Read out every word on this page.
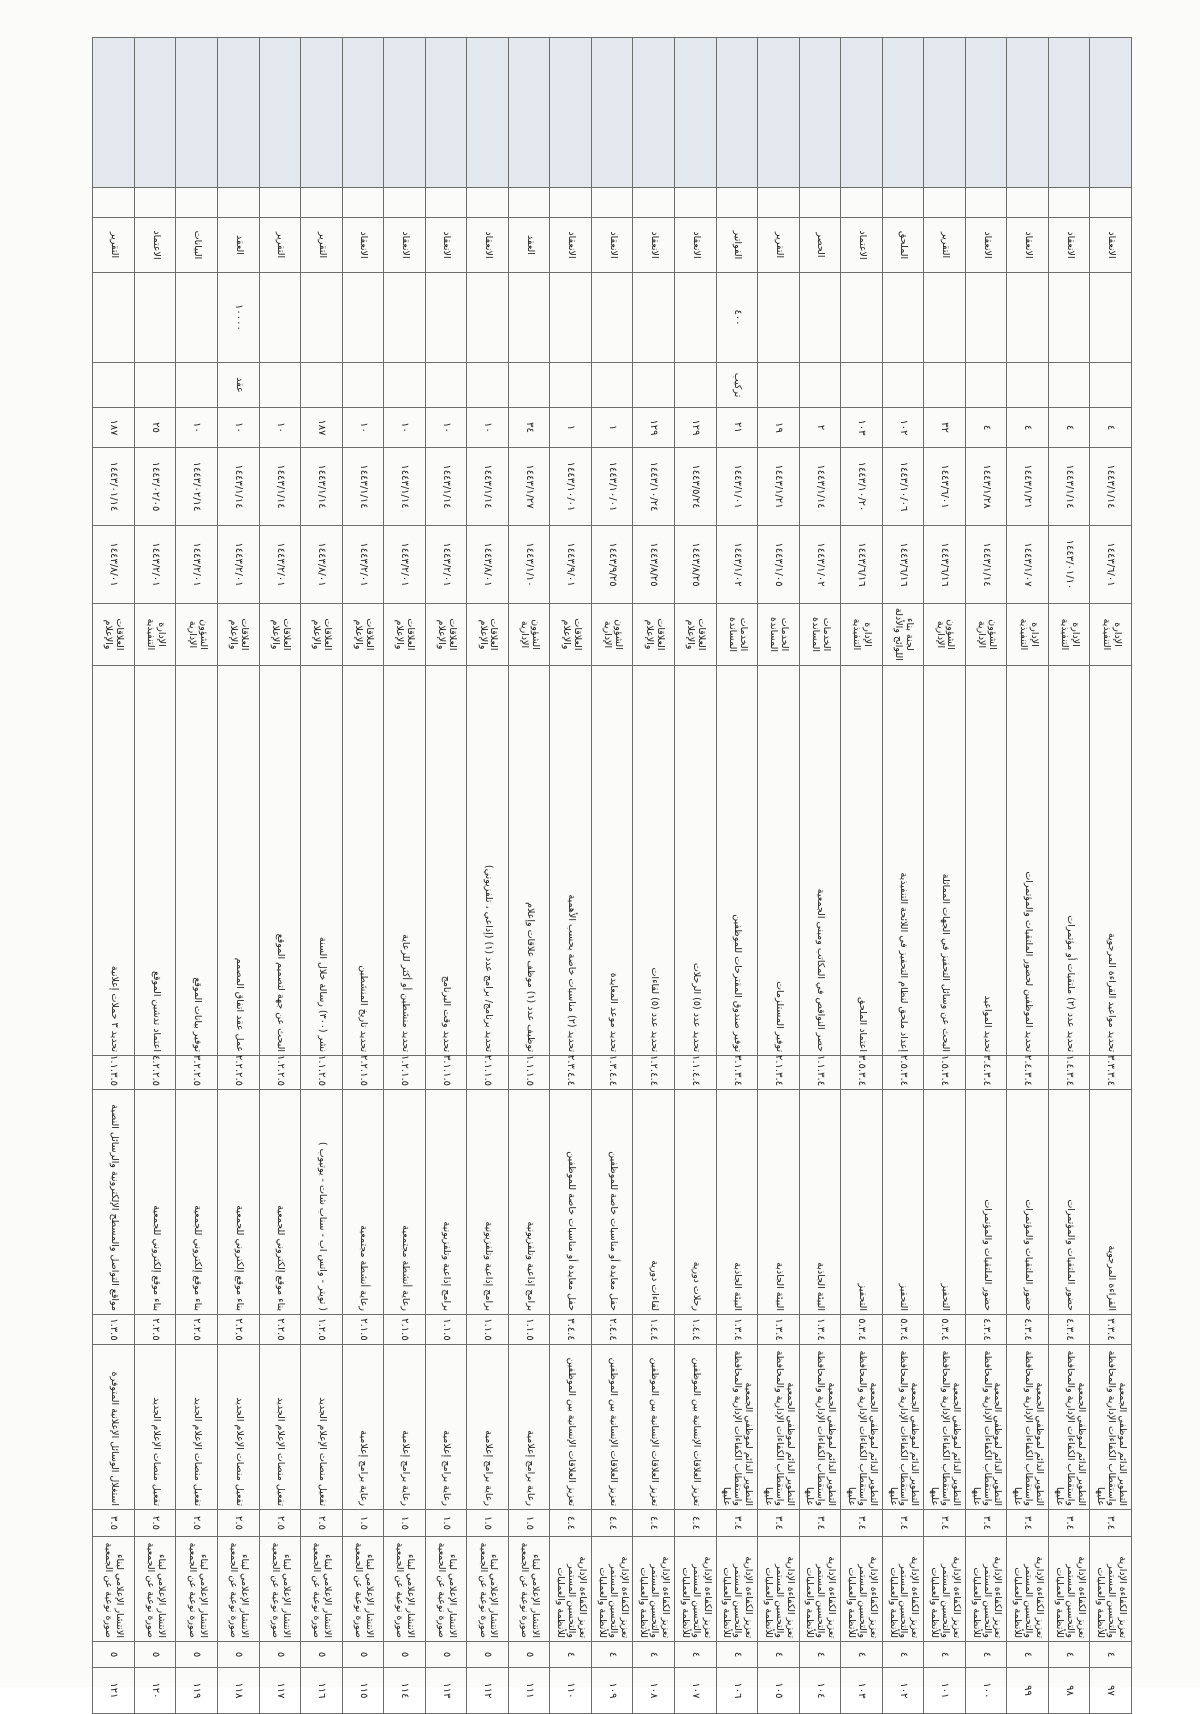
٩٧	٤	تعزيز الكفاءة الإدارية والتحسين المستمر للأنظمة والعمليات	٣.٤	التطوير الدائم لموظفي الجمعية واستقطاب الكفاءات الإدارية والمحافظة عليها	٣.٣.٤	القراءة المرجوية	٣.٣.٣.٤	تحديد مواعيد القراءة المرجوية	الإدارة التنفيذية	١٤٤٣/٦/٠١	١٤٤٣/١/١٤	٤			الانعقاد		
٩٨	٤	تعزيز الكفاءة الإدارية والتحسين المستمر للأنظمة والعمليات	٣.٤	التطوير الدائم لموظفي الجمعية واستقطاب الكفاءات الإدارية والمحافظة عليها	٤.٣.٤	حضور الملتقيات والمؤتمرات	١.٤.٣.٤	تحديد عدد (٢) ملتقيات أو مؤتمرات	الإدارة التنفيذية	١٤٤٣/٠١/١٠	١٤٤٣/١/١٤	٤			الانعقاد		
٩٩	٤	تعزيز الكفاءة الإدارية والتحسين المستمر للأنظمة والعمليات	٣.٤	التطوير الدائم لموظفي الجمعية واستقطاب الكفاءات الإدارية والمحافظة عليها	٤.٣.٤	حضور الملتقيات والمؤتمرات	٢.٤.٣.٤	تحديد الموظفين لحضور الملتقيات والمؤتمرات	الإدارة التنفيذية	١٤٤٣/١/٠٧	١٤٤٣/١/٢١	٤			الانعقاد		
١٠٠	٤	تعزيز الكفاءة الإدارية والتحسين المستمر للأنظمة والعمليات	٣.٤	التطوير الدائم لموظفي الجمعية واستقطاب الكفاءات الإدارية والمحافظة عليها	٤.٣.٤	حضور الملتقيات والمؤتمرات	٣.٤.٣.٤	تحديد المواعيد	الشؤون الإدارية	١٤٤٣/١/١٤	١٤٤٣/١/٢٨	٤			الانعقاد		
١٠١	٤	تعزيز الكفاءة الإدارية والتحسين المستمر للأنظمة والعمليات	٣.٤	التطوير الدائم لموظفي الجمعية واستقطاب الكفاءات الإدارية والمحافظة عليها	٥.٣.٤	التحفيز	١.٥.٣.٤	البحث عن وسائل التحفيز في الجهات المماثلة	الشؤون الإدارية	١٤٤٣/٦/١٦	١٤٤٣/٦/٠١	٣٢			التقرير		
١٠٢	٤	تعزيز الكفاءة الإدارية والتحسين المستمر للأنظمة والعمليات	٣.٤	التطوير الدائم لموظفي الجمعية واستقطاب الكفاءات الإدارية والمحافظة عليها	٥.٣.٤	التحفيز	٢.٥.٣.٤	إعداد ملحق لنظام التحفيز في اللائحة التنفيذية	لجنة بناء اللوائح والأدلة	١٤٤٣/٦/١٦	١٤٤٣/١٠/٠٦	١٠٢			الملحق		
١٠٣	٤	تعزيز الكفاءة الإدارية والتحسين المستمر للأنظمة والعمليات	٣.٤	التطوير الدائم لموظفي الجمعية واستقطاب الكفاءات الإدارية والمحافظة عليها	٥.٣.٤	التحفيز	٣.٥.٣.٤	اعتماد الملحق	الإدارة التنفيذية	١٤٤٣/٦/١٦	١٤٤٣/١٠/٢٠	١٠٣			الاعتماد		
١٠٤	٤	تعزيز الكفاءة الإدارية والتحسين المستمر للأنظمة والعمليات	٣.٤	التطوير الدائم لموظفي الجمعية واستقطاب الكفاءات الإدارية والمحافظة عليها	١.٣.٤	البيئة الجاذبة	١.١.٣.٤	حصر النواقص في المكاتب ومبنى الجمعية	الخدمات المساندة	١٤٤٣/١/٠٢	١٤٤٣/١/١٤	٢			الحصر		
١٠٥	٤	تعزيز الكفاءة الإدارية والتحسين المستمر للأنظمة والعمليات	٣.٤	التطوير الدائم لموظفي الجمعية واستقطاب الكفاءات الإدارية والمحافظة عليها	١.٣.٤	البيئة الجاذبة	٢.١.٣.٤	توفير المستلزمات	الخدمات المساندة	١٤٤٣/١/٠٥	١٤٤٣/١/٢١	١٩			التقرير		
١٠٦	٤	تعزيز الكفاءة الإدارية والتحسين المستمر للأنظمة والعمليات	٣.٤	التطوير الدائم لموظفي الجمعية واستقطاب الكفاءات الإدارية والمحافظة عليها	١.٣.٤	البيئة الجاذبة	٣.١.٣.٤	توفير صندوق المقترحات للموظفين	الخدمات المساندة	١٤٤٣/١/٠٢	١٤٤٣/١/٠١	٢١	تركيب	٤٠٠	الفواتير		
١٠٧	٤	تعزيز الكفاءة الإدارية والتحسين المستمر للأنظمة والعمليات	٤.٤	تعزيز العلاقات الإنسانية بين الموظفين	١.٤.٤	رحلات دورية	١.١.٤.٤	تحديد عدد (٥) الرحلات	العلاقات والإعلام	١٤٤٣/٨/٢٥	١٤٤٣/٥/٢٤	١٢٩			الانعقاد		
١٠٨	٤	تعزيز الكفاءة الإدارية والتحسين المستمر للأنظمة والعمليات	٤.٤	تعزيز العلاقات الإنسانية بين الموظفين	١.٤.٤	لقاءات دورية	١.٢.٤.٤	تحديد عدد (٥) لقاءات	العلاقات والإعلام	١٤٤٣/٨/٢٥	١٤٤٣/١٠/٢٤	١٢٩			الانعقاد		
١٠٩	٤	تعزيز الكفاءة الإدارية والتحسين المستمر للأنظمة والعمليات	٤.٤	تعزيز العلاقات الإنسانية بين الموظفين	٢.٤.٤	حفل معايدة أو مناسبات خاصة للموظفين	١.٣.٤.٤	تحديد موعد المعايدة	الشؤون الإدارية	١٤٤٣/٩/٢٥	١٤٤٣/١٠/٠١	١			الانعقاد		
١١٠	٤	تعزيز الكفاءة الإدارية والتحسين المستمر للأنظمة والعمليات	٤.٤	تعزيز العلاقات الإنسانية بين الموظفين	٣.٤.٤	حفل معايدة أو مناسبات خاصة للموظفين	٢.٣.٤.٤	تحديد (٢) مناسبات خاصة بحسب الأهمية	العلاقات والإعلام	١٤٤٣/٩/٠١	١٤٤٣/١٠/٠١	١			الانعقاد		
١١١	٥	الانتشار الإعلامي لبناء صورة نوعية عن الجمعية	١.٥	رعاية برامج إعلامية	١.١.٥	برامج إذاعية وتلفزيونية	١.١.١.٥	توظيف عدد (١) موظف علاقات وإعلام	الشؤون الإدارية	١٤٤٣/١/١٠	١٤٤٣/١/٢٧	٣٤			العقد		
١١٢	٥	الانتشار الإعلامي لبناء صورة نوعية عن الجمعية	١.٥	رعاية برامج إعلامية	١.١.٥	برامج إذاعية وتلفزيونية	٢.١.١.٥	تحديد برنامج/ برامج عدد (١) (إذاعي ، تلفزيوني)	العلاقات والإعلام	١٤٤٣/٨/٠١	١٤٤٣/١/١٤	١٠			الانعقاد		
١١٣	٥	الانتشار الإعلامي لبناء صورة نوعية عن الجمعية	١.٥	رعاية برامج إعلامية	١.١.٥	برامج إذاعية وتلفزيونية	٣.١.١.٥	تحديد وقت البرنامج	العلاقات والإعلام	١٤٤٣/٢/٠١	١٤٤٣/١/١٤	١٠			الانعقاد		
١١٤	٥	الانتشار الإعلامي لبناء صورة نوعية عن الجمعية	١.٥	رعاية برامج إعلامية	٢.١.٥	رعاية أنشطة مجتمعية	١.٢.١.٥	تحديد منشطين أو أكثر للرعاية	العلاقات والإعلام	١٤٤٣/٢/٠١	١٤٤٣/١/١٤	١٠			الانعقاد		
١١٥	٥	الانتشار الإعلامي لبناء صورة نوعية عن الجمعية	١.٥	رعاية برامج إعلامية	٢.١.٥	رعاية أنشطة مجتمعية	٢.٢.١.٥	تحديد تاريخ المنشطين	العلاقات والإعلام	١٤٤٣/٢/٠١	١٤٤٣/١/١٤	١٠			الانعقاد		
١١٦	٥	الانتشار الإعلامي لبناء صورة نوعية عن الجمعية	٢.٥	تفعيل منصات الإعلام الجديد	١.٢.٥	( تويتر - واتس اب - سناب شات - يوتيوب )	١.١.٢.٥	نشر (٣٠٠) رسالة خلال السنة	العلاقات والإعلام	١٤٤٣/٨/٠١	١٤٤٣/١/١٤	١٨٧			التقرير		
١١٧	٥	الانتشار الإعلامي لبناء صورة نوعية عن الجمعية	٢.٥	تفعيل منصات الإعلام الجديد	٢.٢.٥	بناء موقع إلكتروني للجمعية	١.٢.٢.٥	البحث عن جهة لتصميم الموقع	العلاقات والإعلام	١٤٤٣/٢/٠١	١٤٤٣/١/١٤	١٠			التقرير		
١١٨	٥	الانتشار الإعلامي لبناء صورة نوعية عن الجمعية	٢.٥	تفعيل منصات الإعلام الجديد	٢.٢.٥	بناء موقع إلكتروني للجمعية	٢.٢.٢.٥	عمل عقد اتفاق المصمم	العلاقات والإعلام	١٤٤٣/٢/٠١	١٤٤٣/١/١٤	١٠	عقد	١٠٠٠٠	العقد		
١١٩	٥	الانتشار الإعلامي لبناء صورة نوعية عن الجمعية	٢.٥	تفعيل منصات الإعلام الجديد	٢.٢.٥	بناء موقع إلكتروني للجمعية	٣.٢.٢.٥	توفير بيانات الموقع	الشؤون الإدارية	١٤٤٣/٢/٠١	١٤٤٣/٠٢/١٤	١٠			البيانات		
١٢٠	٥	الانتشار الإعلامي لبناء صورة نوعية عن الجمعية	٢.٥	تفعيل منصات الإعلام الجديد	٢.٢.٥	بناء موقع إلكتروني للجمعية	٤.٢.٢.٥	اعتماد تدشين الموقع	الإدارة التنفيذية	١٤٤٣/٢/٠١	١٤٤٣/٠٢/٠٥	٢٥			الاعتماد		
١٢١	٥	الانتشار الإعلامي لبناء صورة نوعية عن الجمعية	٣.٥	استغلال الوسائل الإعلانية المتوفرة	١.٣.٥	مواقع التواصل والمسطح الإلكترونية والرسائل النصية	١.١.٣.٥	تحديد ٣ حملات إعلانية	العلاقات والإعلام	١٤٤٣/٨/٠١	١٤٤٣/٠١/١٤	١٨٧			التقرير		
